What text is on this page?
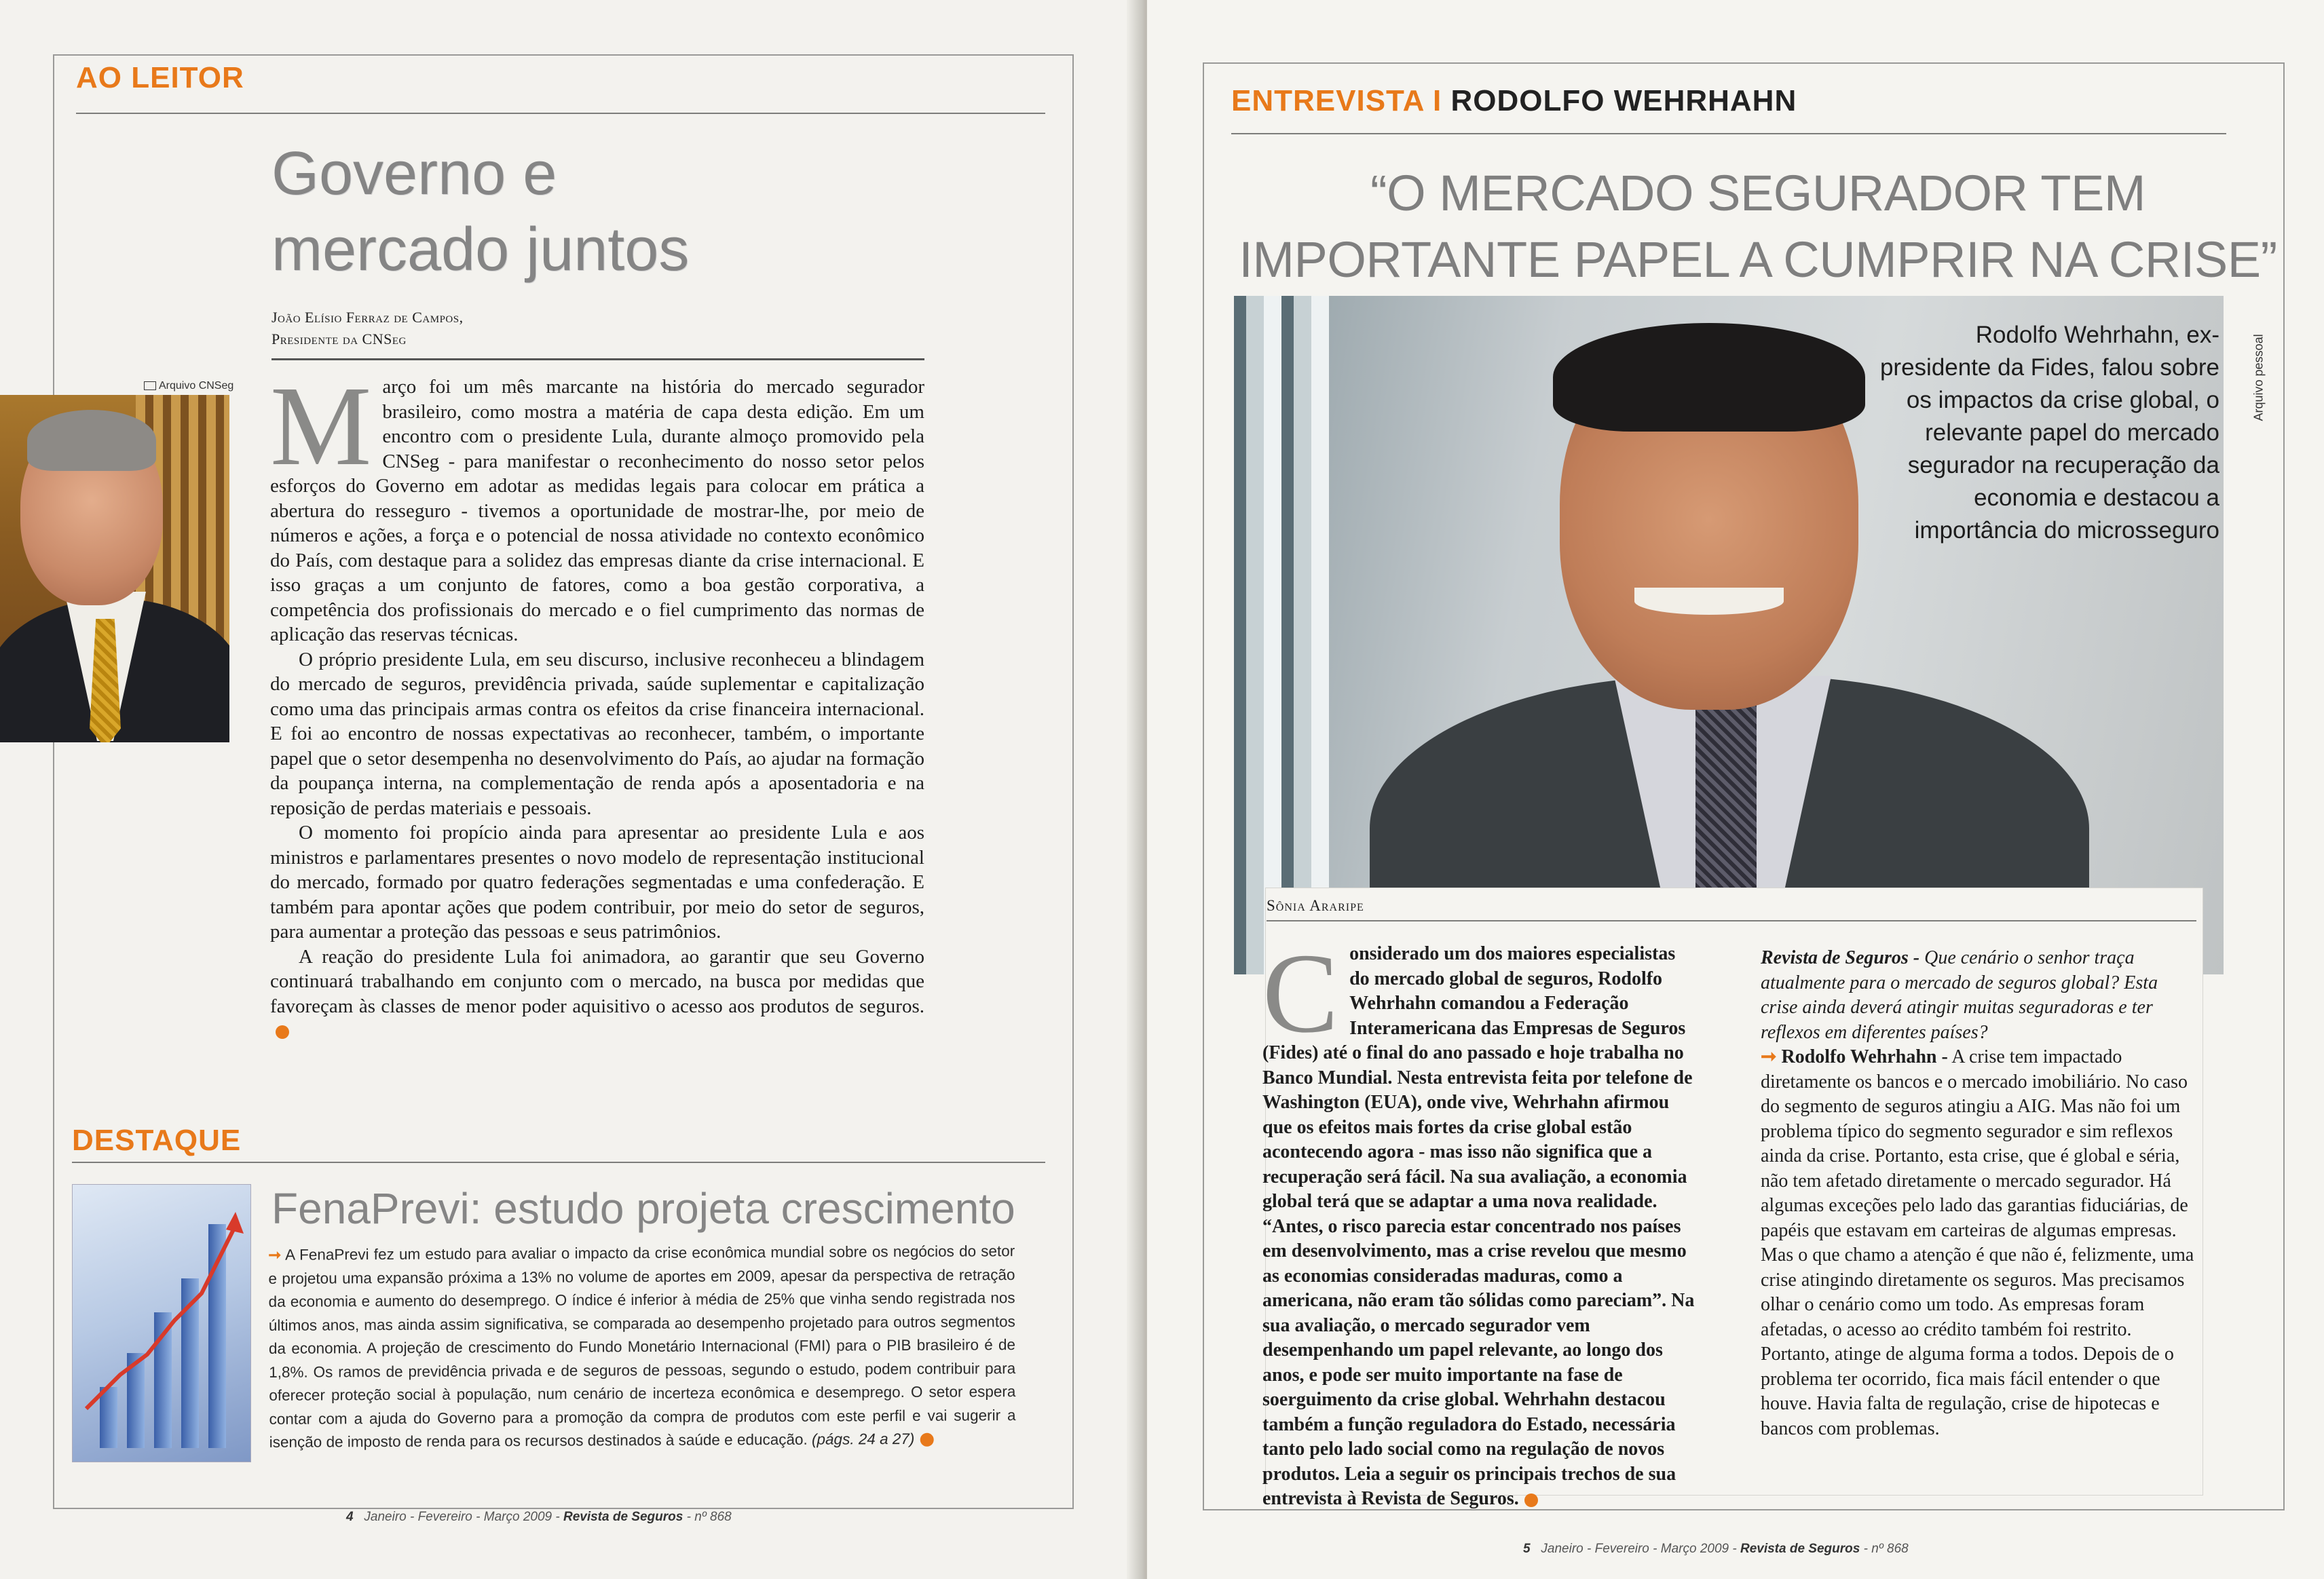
AO LEITOR
Governo e
mercado juntos
João Elísio Ferraz de Campos,
Presidente da CNSeg
Arquivo CNSeg Março foi um mês marcante na história do mercado segurador brasileiro, como mostra a matéria de capa desta edição. Em um encontro com o presidente Lula, durante almoço promovido pela CNSeg - para manifestar o reconhecimento do nosso setor pelos esforços do Governo em adotar as medidas legais para colocar em prática a abertura do resseguro - tivemos a oportunidade de mostrar-lhe, por meio de números e ações, a força e o potencial de nossa atividade no contexto econômico do País, com destaque para a solidez das empresas diante da crise internacional. E isso graças a um conjunto de fatores, como a boa gestão corporativa, a competência dos profissionais do mercado e o fiel cumprimento das normas de aplicação das reservas técnicas.

O próprio presidente Lula, em seu discurso, inclusive reconheceu a blindagem do mercado de seguros, previdência privada, saúde suplementar e capitalização como uma das principais armas contra os efeitos da crise financeira internacional. E foi ao encontro de nossas expectativas ao reconhecer, também, o importante papel que o setor desempenha no desenvolvimento do País, ao ajudar na formação da poupança interna, na complementação de renda após a aposentadoria e na reposição de perdas materiais e pessoais.

O momento foi propício ainda para apresentar ao presidente Lula e aos ministros e parlamentares presentes o novo modelo de representação institucional do mercado, formado por quatro federações segmentadas e uma confederação. E também para apontar ações que podem contribuir, por meio do setor de seguros, para aumentar a proteção das pessoas e seus patrimônios.

A reação do presidente Lula foi animadora, ao garantir que seu Governo continuará trabalhando em conjunto com o mercado, na busca por medidas que favoreçam às classes de menor poder aquisitivo o acesso aos produtos de seguros.

DESTAQUE
FenaPrevi: estudo projeta crescimento
➞ A FenaPrevi fez um estudo para avaliar o impacto da crise econômica mundial sobre os negócios do setor e projetou uma expansão próxima a 13% no volume de aportes em 2009, apesar da perspectiva de retração da economia e aumento do desemprego. O índice é inferior à média de 25% que vinha sendo registrada nos últimos anos, mas ainda assim significativa, se comparada ao desempenho projetado para outros segmentos da economia. A projeção de crescimento do Fundo Monetário Internacional (FMI) para o PIB brasileiro é de 1,8%. Os ramos de previdência privada e de seguros de pessoas, segundo o estudo, podem contribuir para oferecer proteção social à população, num cenário de incerteza econômica e desemprego. O setor espera contar com a ajuda do Governo para a promoção da compra de produtos com este perfil e vai sugerir a isenção de imposto de renda para os recursos destinados à saúde e educação. (págs. 24 a 27)
4 Janeiro - Fevereiro - Março 2009 - Revista de Seguros - nº 868
ENTREVISTA I RODOLFO WEHRHAHN
“O MERCADO SEGURADOR TEM
IMPORTANTE PAPEL A CUMPRIR NA CRISE”
Arquivo pessoal
Rodolfo Wehrhahn, ex-presidente da Fides, falou sobre os impactos da crise global, o relevante papel do mercado segurador na recuperação da economia e destacou a importância do microsseguro
Sônia Araripe

Considerado um dos maiores especialistas do mercado global de seguros, Rodolfo Wehrhahn comandou a Federação Interamericana das Empresas de Seguros (Fides) até o final do ano passado e hoje trabalha no Banco Mundial. Nesta entrevista feita por telefone de Washington (EUA), onde vive, Wehrhahn afirmou que os efeitos mais fortes da crise global estão acontecendo agora - mas isso não significa que a recuperação será fácil. Na sua avaliação, a economia global terá que se adaptar a uma nova realidade. “Antes, o risco parecia estar concentrado nos países em desenvolvimento, mas a crise revelou que mesmo as economias consideradas maduras, como a americana, não eram tão sólidas como pareciam”. Na sua avaliação, o mercado segurador vem desempenhando um papel relevante, ao longo dos anos, e pode ser muito importante na fase de soerguimento da crise global. Wehrhahn destacou também a função reguladora do Estado, necessária tanto pelo lado social como na regulação de novos produtos. Leia a seguir os principais trechos de sua entrevista à Revista de Seguros.

Revista de Seguros - Que cenário o senhor traça atualmente para o mercado de seguros global? Esta crise ainda deverá atingir muitas seguradoras e ter reflexos em diferentes países?

➞ Rodolfo Wehrhahn - A crise tem impactado diretamente os bancos e o mercado imobiliário. No caso do segmento de seguros atingiu a AIG. Mas não foi um problema típico do segmento segurador e sim reflexos ainda da crise. Portanto, esta crise, que é global e séria, não tem afetado diretamente o mercado segurador. Há algumas exceções pelo lado das garantias fiduciárias, de papéis que estavam em carteiras de algumas empresas. Mas o que chamo a atenção é que não é, felizmente, uma crise atingindo diretamente os seguros. Mas precisamos olhar o cenário como um todo. As empresas foram afetadas, o acesso ao crédito também foi restrito. Portanto, atinge de alguma forma a todos. Depois de o problema ter ocorrido, fica mais fácil entender o que houve. Havia falta de regulação, crise de hipotecas e bancos com problemas.

5 Janeiro - Fevereiro - Março 2009 - Revista de Seguros - nº 868
